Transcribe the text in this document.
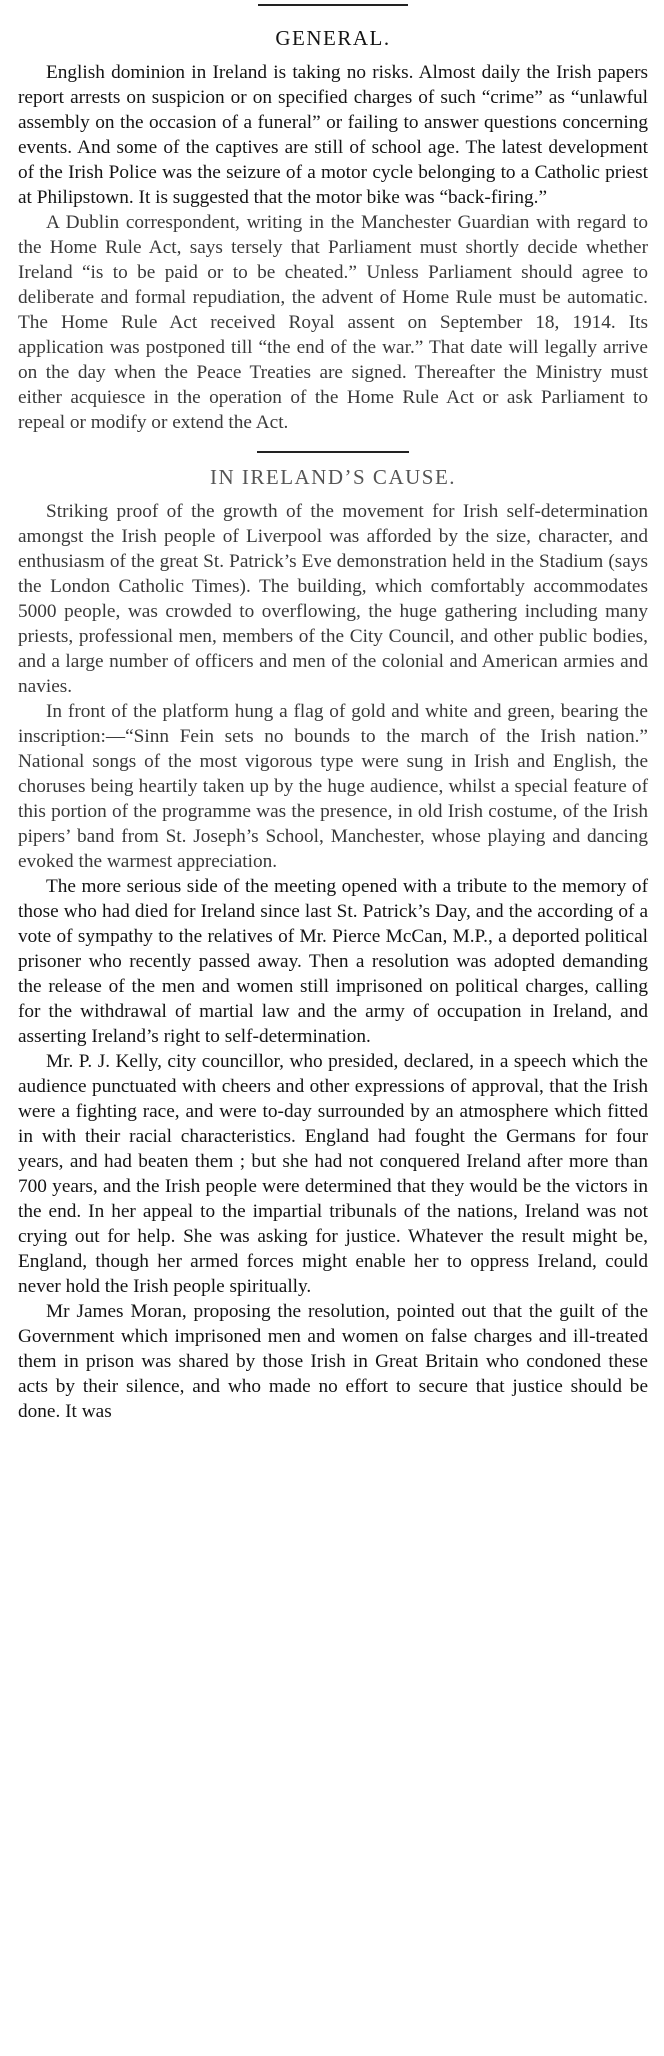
GENERAL.

English dominion in Ireland is taking no risks. Almost daily the Irish papers report arrests on suspicion or on specified charges of such “crime” as “unlawful assembly on the occasion of a funeral” or failing to answer questions concerning events. And some of the captives are still of school age. The latest development of the Irish Police was the seizure of a motor cycle belonging to a Catholic priest at Philipstown. It is suggested that the motor bike was “back-firing.”

A Dublin correspondent, writing in the Manchester Guardian with regard to the Home Rule Act, says tersely that Parliament must shortly decide whether Ireland “is to be paid or to be cheated.” Unless Parliament should agree to deliberate and formal repudiation, the advent of Home Rule must be automatic. The Home Rule Act received Royal assent on September 18, 1914. Its application was postponed till “the end of the war.” That date will legally arrive on the day when the Peace Treaties are signed. Thereafter the Ministry must either acquiesce in the operation of the Home Rule Act or ask Parliament to repeal or modify or extend the Act.

IN IRELAND’S CAUSE.

Striking proof of the growth of the movement for Irish self-determination amongst the Irish people of Liverpool was afforded by the size, character, and enthusiasm of the great St. Patrick’s Eve demonstration held in the Stadium (says the London Catholic Times). The building, which comfortably accommodates 5000 people, was crowded to overflowing, the huge gathering including many priests, professional men, members of the City Council, and other public bodies, and a large number of officers and men of the colonial and American armies and navies.

In front of the platform hung a flag of gold and white and green, bearing the inscription:—“Sinn Fein sets no bounds to the march of the Irish nation.” National songs of the most vigorous type were sung in Irish and English, the choruses being heartily taken up by the huge audience, whilst a special feature of this portion of the programme was the presence, in old Irish costume, of the Irish pipers’ band from St. Joseph’s School, Manchester, whose playing and dancing evoked the warmest appreciation.

The more serious side of the meeting opened with a tribute to the memory of those who had died for Ireland since last St. Patrick’s Day, and the according of a vote of sympathy to the relatives of Mr. Pierce McCan, M.P., a deported political prisoner who recently passed away. Then a resolution was adopted demanding the release of the men and women still imprisoned on political charges, calling for the withdrawal of martial law and the army of occupation in Ireland, and asserting Ireland’s right to self-determination.

Mr. P. J. Kelly, city councillor, who presided, declared, in a speech which the audience punctuated with cheers and other expressions of approval, that the Irish were a fighting race, and were to-day surrounded by an atmosphere which fitted in with their racial characteristics. England had fought the Germans for four years, and had beaten them ; but she had not conquered Ireland after more than 700 years, and the Irish people were determined that they would be the victors in the end. In her appeal to the impartial tribunals of the nations, Ireland was not crying out for help. She was asking for justice. Whatever the result might be, England, though her armed forces might enable her to oppress Ireland, could never hold the Irish people spiritually.

Mr James Moran, proposing the resolution, pointed out that the guilt of the Government which imprisoned men and women on false charges and ill-treated them in prison was shared by those Irish in Great Britain who condoned these acts by their silence, and who made no effort to secure that justice should be done. It was
